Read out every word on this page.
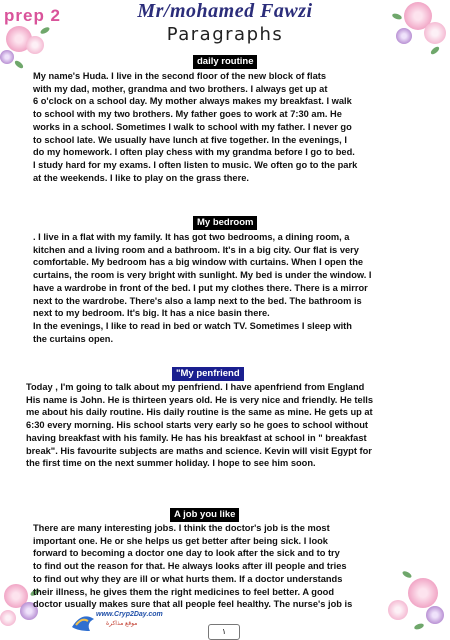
prep 2	Mr/mohamed Fawzi
Paragraphs
daily routine
My name's Huda. I live in the second floor of the new block of flats
with my dad, mother, grandma and two brothers. I always get up at
6 o'clock on a school day. My mother always makes my breakfast. I walk
to school with my two brothers. My father goes to work at 7:30 am. He
works in a school. Sometimes I walk to school with my father. I never go
to school late. We usually have lunch at five together. In the evenings, I
do my homework. I often play chess with my grandma before I go to bed.
I study hard for my exams. I often listen to music. We often go to the park
at the weekends. I like to play on the grass there.
My bedroom
. I live in a flat with my family. It has got two bedrooms, a dining room, a
kitchen and a living room and a bathroom. It's in a big city. Our flat is very
comfortable. My bedroom has a big window with curtains. When I open the
curtains, the room is very bright with sunlight. My bed is under the window. I
have a wardrobe in front of the bed. I put my clothes there. There is a mirror
next to the wardrobe. There's also a lamp next to the bed. The bathroom is
next to my bedroom. It's big. It has a nice basin there.
In the evenings, I like to read in bed or watch TV. Sometimes I sleep with
the curtains open.
"My penfriend
Today , I'm going to talk about my penfriend. I have apenfriend from England
His name is John. He is thirteen years old. He is very nice and friendly. He tells
me about his daily routine. His daily routine is the same as mine. He gets up at
6:30 every morning. His school starts very early so he goes to school without
having breakfast with his family. He has his breakfast at school in " breakfast
break". His favourite subjects are maths and science. Kevin will visit Egypt for
the first time on the next summer holiday. I hope to see him soon.
A job you like
There are many interesting jobs. I think the doctor's job is the most
important one. He or she helps us get better after being sick. I look
forward to becoming a doctor one day to look after the sick and to try
to find out the reason for that. He always looks after ill people and tries
to find out why they are ill or what hurts them. If a doctor understands
their illness, he gives them the right medicines to feel better. A good
doctor usually makes sure that all people feel healthy. The nurse's job is
www.Cryp2Day.com
موقع مذاكرة
١
